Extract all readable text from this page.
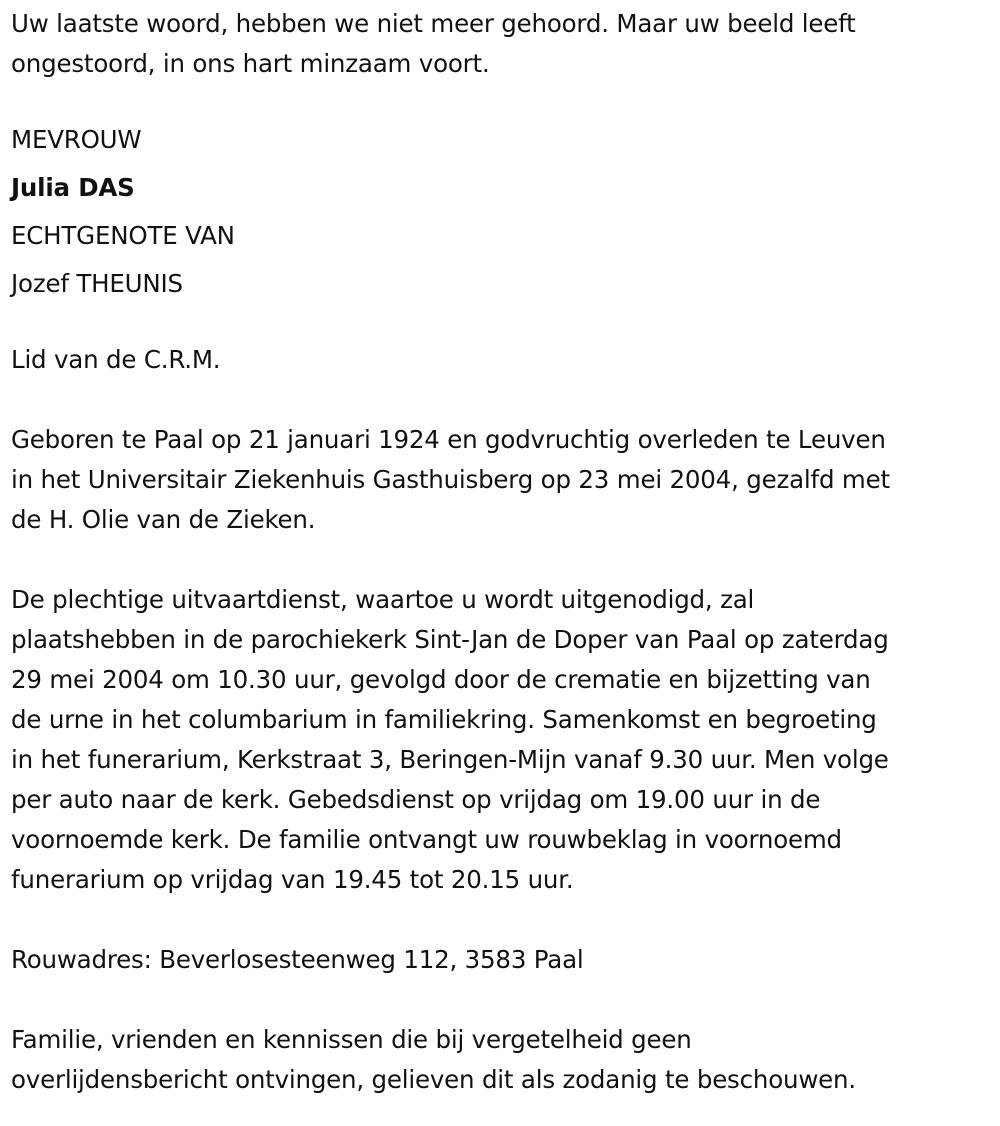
Uw laatste woord, hebben we niet meer gehoord. Maar uw beeld leeft
ongestoord, in ons hart minzaam voort.
MEVROUW
Julia DAS
ECHTGENOTE VAN
Jozef THEUNIS
Lid van de C.R.M.
Geboren te Paal op 21 januari 1924 en godvruchtig overleden te Leuven
in het Universitair Ziekenhuis Gasthuisberg op 23 mei 2004, gezalfd met
de H. Olie van de Zieken.
De plechtige uitvaartdienst, waartoe u wordt uitgenodigd, zal
plaatshebben in de parochiekerk Sint-Jan de Doper van Paal op zaterdag
29 mei 2004 om 10.30 uur, gevolgd door de crematie en bijzetting van
de urne in het columbarium in familiekring. Samenkomst en begroeting
in het funerarium, Kerkstraat 3, Beringen-Mijn vanaf 9.30 uur. Men volge
per auto naar de kerk. Gebedsdienst op vrijdag om 19.00 uur in de
voornoemde kerk. De familie ontvangt uw rouwbeklag in voornoemd
funerarium op vrijdag van 19.45 tot 20.15 uur.
Rouwadres: Beverlosesteenweg 112, 3583 Paal
Familie, vrienden en kennissen die bij vergetelheid geen
overlijdensbericht ontvingen, gelieven dit als zodanig te beschouwen.
